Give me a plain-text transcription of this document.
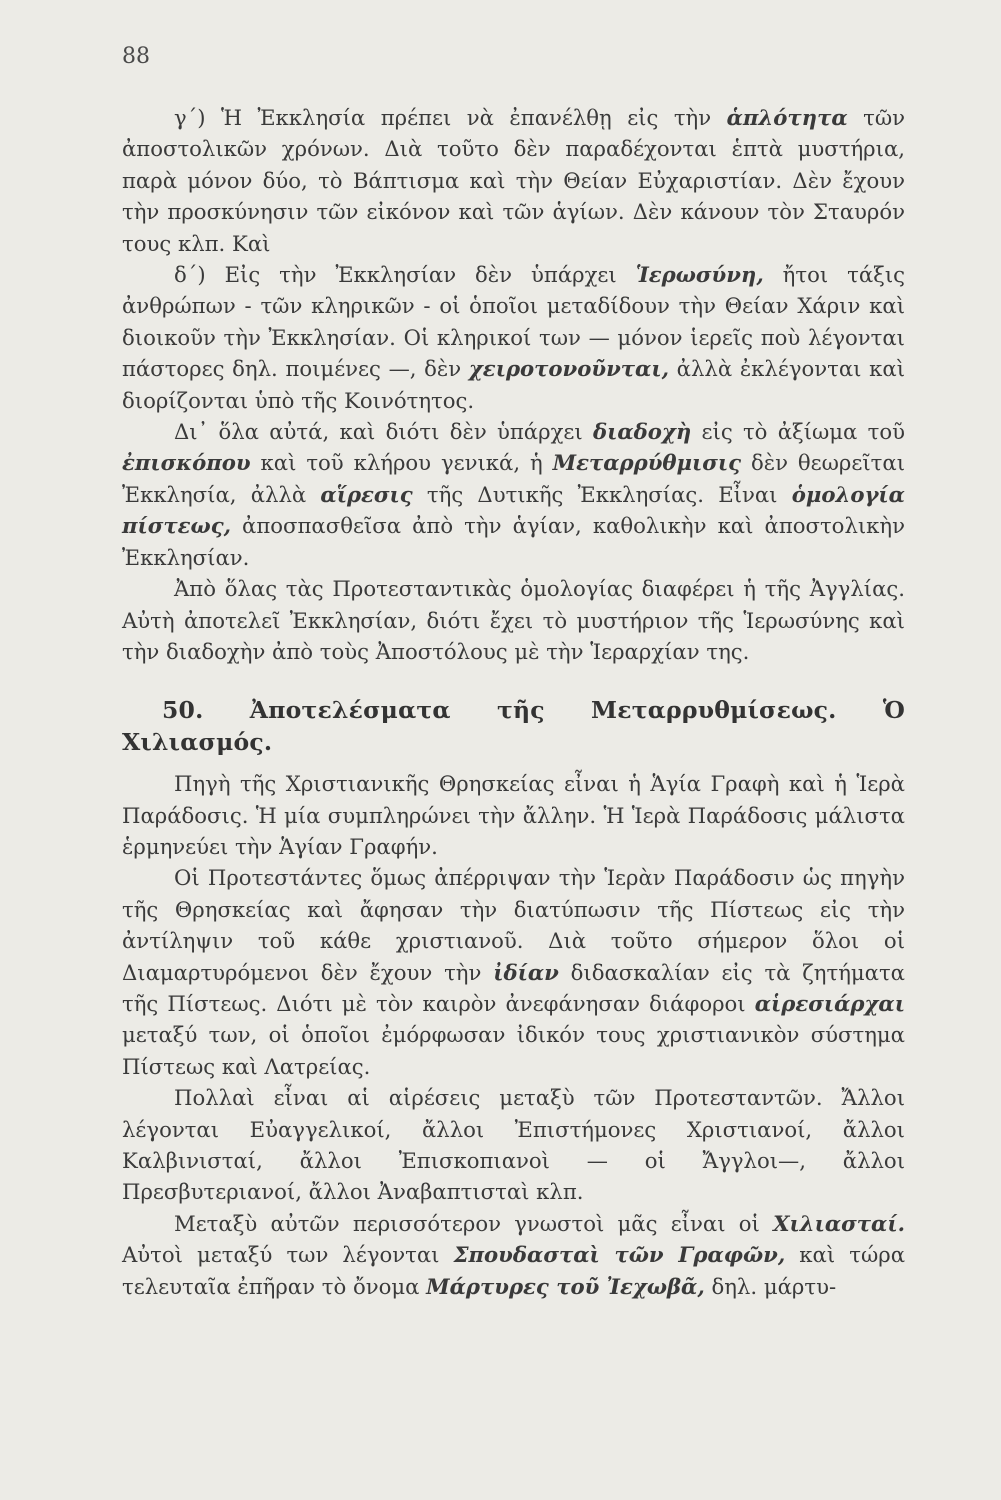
88

γ΄) Ἡ Ἐκκλησία πρέπει νὰ ἐπανέλθῃ εἰς τὴν ἁπλότητα τῶν ἀποστολικῶν χρόνων. Διὰ τοῦτο δὲν παραδέχονται ἑπτὰ μυστήρια, παρὰ μόνον δύο, τὸ Βάπτισμα καὶ τὴν Θείαν Εὐχαριστίαν. Δὲν ἔχουν τὴν προσκύνησιν τῶν εἰκόνον καὶ τῶν ἁγίων. Δὲν κάνουν τὸν Σταυρόν τους κλπ. Καὶ

δ΄) Εἰς τὴν Ἐκκλησίαν δὲν ὑπάρχει Ἱερωσύνη, ἤτοι τάξις ἀνθρώπων - τῶν κληρικῶν - οἱ ὁποῖοι μεταδίδουν τὴν Θείαν Χάριν καὶ διοικοῦν τὴν Ἐκκλησίαν. Οἱ κληρικοί των — μόνον ἱερεῖς ποὺ λέγονται πάστορες δηλ. ποιμένες —, δὲν χειροτονοῦνται, ἀλλὰ ἐκλέγονται καὶ διορίζονται ὑπὸ τῆς Κοινότητος.

Δι᾽ ὅλα αὐτά, καὶ διότι δὲν ὑπάρχει διαδοχὴ εἰς τὸ ἀξίωμα τοῦ ἐπισκόπου καὶ τοῦ κλήρου γενικά, ἡ Μεταρρύθμισις δὲν θεωρεῖται Ἐκκλησία, ἀλλὰ αἵρεσις τῆς Δυτικῆς Ἐκκλησίας. Εἶναι ὁμολογία πίστεως, ἀποσπασθεῖσα ἀπὸ τὴν ἁγίαν, καθολικὴν καὶ ἀποστολικὴν Ἐκκλησίαν.

Ἀπὸ ὅλας τὰς Προτεσταντικὰς ὁμολογίας διαφέρει ἡ τῆς Ἀγγλίας. Αὐτὴ ἀποτελεῖ Ἐκκλησίαν, διότι ἔχει τὸ μυστήριον τῆς Ἱερωσύνης καὶ τὴν διαδοχὴν ἀπὸ τοὺς Ἀποστόλους μὲ τὴν Ἱεραρχίαν της.

50. Ἀποτελέσματα τῆς Μεταρρυθμίσεως. Ὁ Χιλιασμός.

Πηγὴ τῆς Χριστιανικῆς Θρησκείας εἶναι ἡ Ἁγία Γραφὴ καὶ ἡ Ἱερὰ Παράδοσις. Ἡ μία συμπληρώνει τὴν ἄλλην. Ἡ Ἱερὰ Παράδοσις μάλιστα ἑρμηνεύει τὴν Ἁγίαν Γραφήν.

Οἱ Προτεστάντες ὅμως ἀπέρριψαν τὴν Ἱερὰν Παράδοσιν ὡς πηγὴν τῆς Θρησκείας καὶ ἄφησαν τὴν διατύπωσιν τῆς Πίστεως εἰς τὴν ἀντίληψιν τοῦ κάθε χριστιανοῦ. Διὰ τοῦτο σήμερον ὅλοι οἱ Διαμαρτυρόμενοι δὲν ἔχουν τὴν ἰδίαν διδασκαλίαν εἰς τὰ ζητήματα τῆς Πίστεως. Διότι μὲ τὸν καιρὸν ἀνεφάνησαν διάφοροι αἱρεσιάρχαι μεταξύ των, οἱ ὁποῖοι ἐμόρφωσαν ἰδικόν τους χριστιανικὸν σύστημα Πίστεως καὶ Λατρείας.

Πολλαὶ εἶναι αἱ αἱρέσεις μεταξὺ τῶν Προτεσταντῶν. Ἄλλοι λέγονται Εὐαγγελικοί, ἄλλοι Ἐπιστήμονες Χριστιανοί, ἄλλοι Καλβινισταί, ἄλλοι Ἐπισκοπιανοὶ — οἱ Ἄγγλοι—, ἄλλοι Πρεσβυτεριανοί, ἄλλοι Ἀναβαπτισταὶ κλπ.

Μεταξὺ αὐτῶν περισσότερον γνωστοὶ μᾶς εἶναι οἱ Χιλιασταί. Αὐτοὶ μεταξύ των λέγονται Σπουδασταὶ τῶν Γραφῶν, καὶ τώρα τελευταῖα ἐπῆραν τὸ ὄνομα Μάρτυρες τοῦ Ἰεχωβᾶ, δηλ. μάρτυ-
